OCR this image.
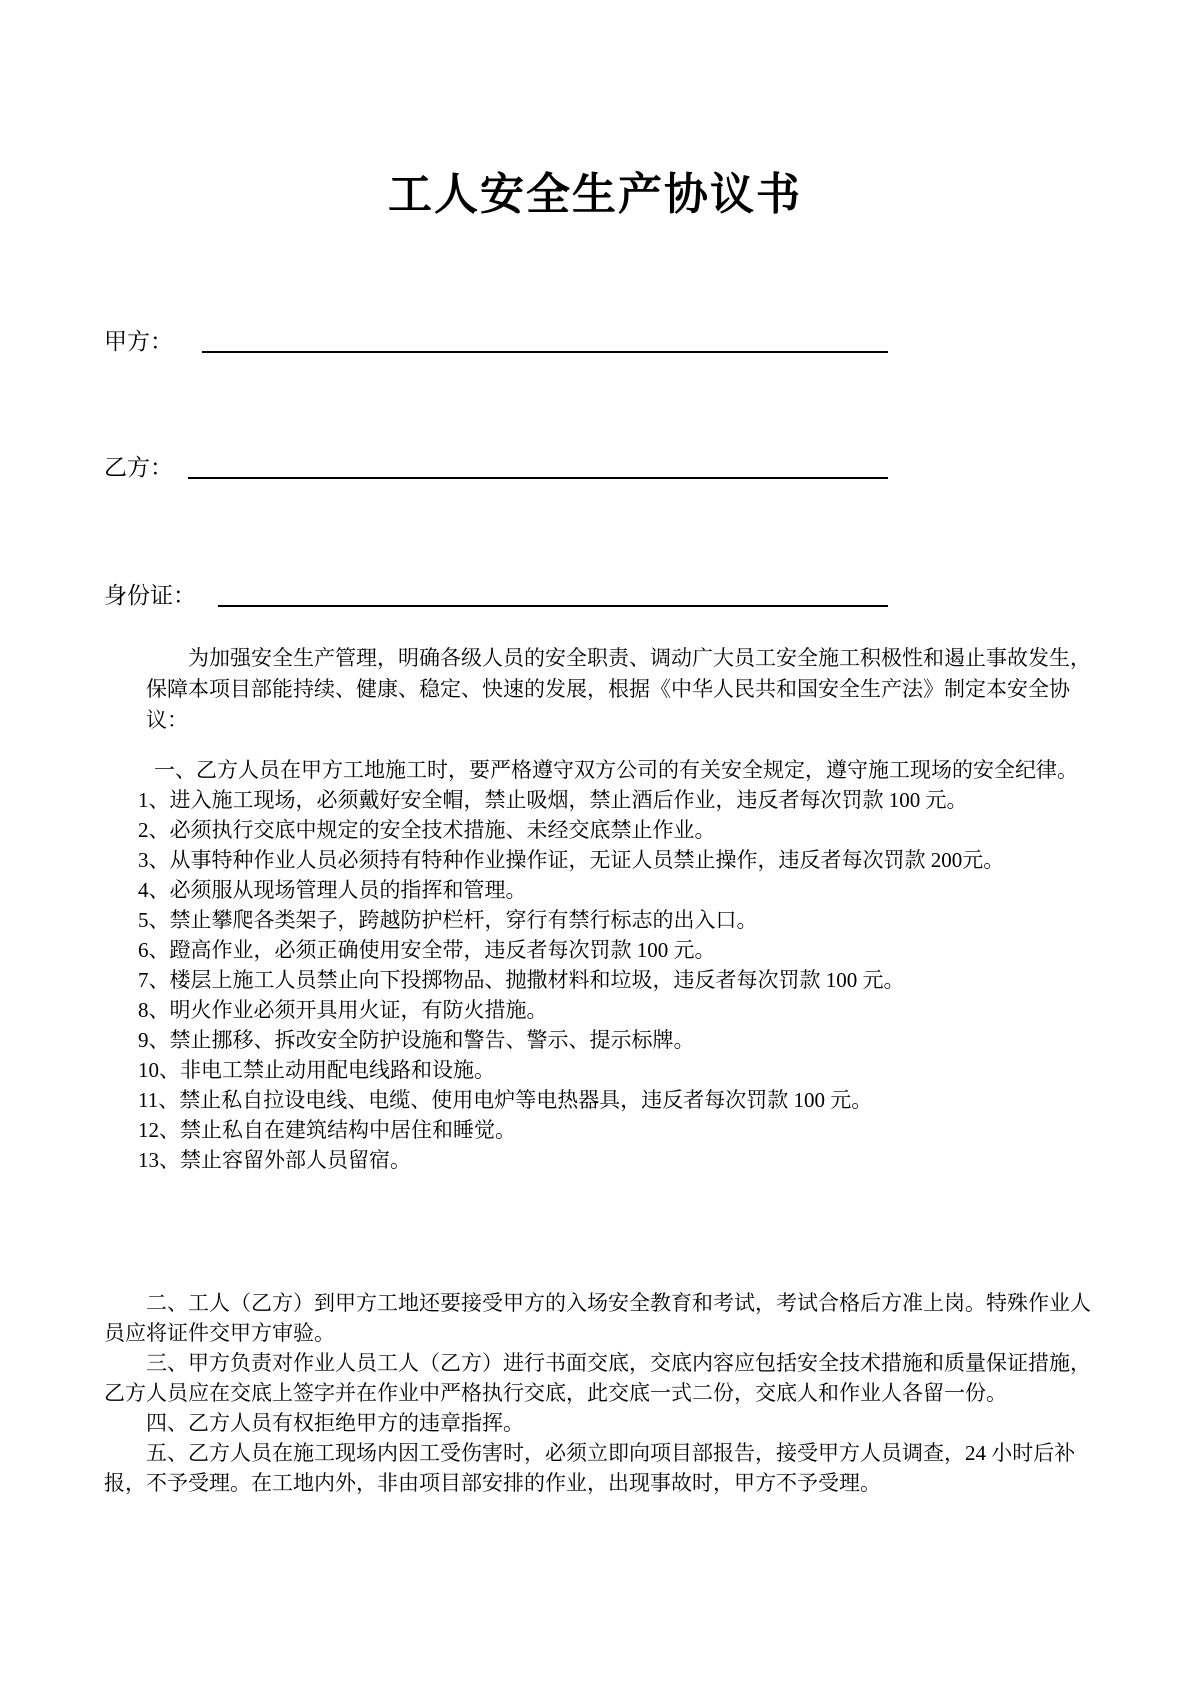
工人安全生产协议书
甲方：
乙方：
身份证：

为加强安全生产管理，明确各级人员的安全职责、调动广大员工安全施工积极性和遏止事故发生，保障本项目部能持续、健康、稳定、快速的发展，根据《中华人民共和国安全生产法》制定本安全协议：

一、乙方人员在甲方工地施工时，要严格遵守双方公司的有关安全规定，遵守施工现场的安全纪律。

1、进入施工现场，必须戴好安全帽，禁止吸烟，禁止酒后作业，违反者每次罚款 100 元。

2、必须执行交底中规定的安全技术措施、未经交底禁止作业。

3、从事特种作业人员必须持有特种作业操作证，无证人员禁止操作，违反者每次罚款 200元。

4、必须服从现场管理人员的指挥和管理。

5、禁止攀爬各类架子，跨越防护栏杆，穿行有禁行标志的出入口。

6、蹬高作业，必须正确使用安全带，违反者每次罚款 100 元。

7、楼层上施工人员禁止向下投掷物品、抛撒材料和垃圾，违反者每次罚款 100 元。

8、明火作业必须开具用火证，有防火措施。

9、禁止挪移、拆改安全防护设施和警告、警示、提示标牌。

10、非电工禁止动用配电线路和设施。

11、禁止私自拉设电线、电缆、使用电炉等电热器具，违反者每次罚款 100 元。

12、禁止私自在建筑结构中居住和睡觉。

13、禁止容留外部人员留宿。

二、工人（乙方）到甲方工地还要接受甲方的入场安全教育和考试，考试合格后方准上岗。特殊作业人员应将证件交甲方审验。

三、甲方负责对作业人员工人（乙方）进行书面交底，交底内容应包括安全技术措施和质量保证措施，乙方人员应在交底上签字并在作业中严格执行交底，此交底一式二份，交底人和作业人各留一份。

四、乙方人员有权拒绝甲方的违章指挥。

五、乙方人员在施工现场内因工受伤害时，必须立即向项目部报告，接受甲方人员调查，24 小时后补报，不予受理。在工地内外，非由项目部安排的作业，出现事故时，甲方不予受理。
